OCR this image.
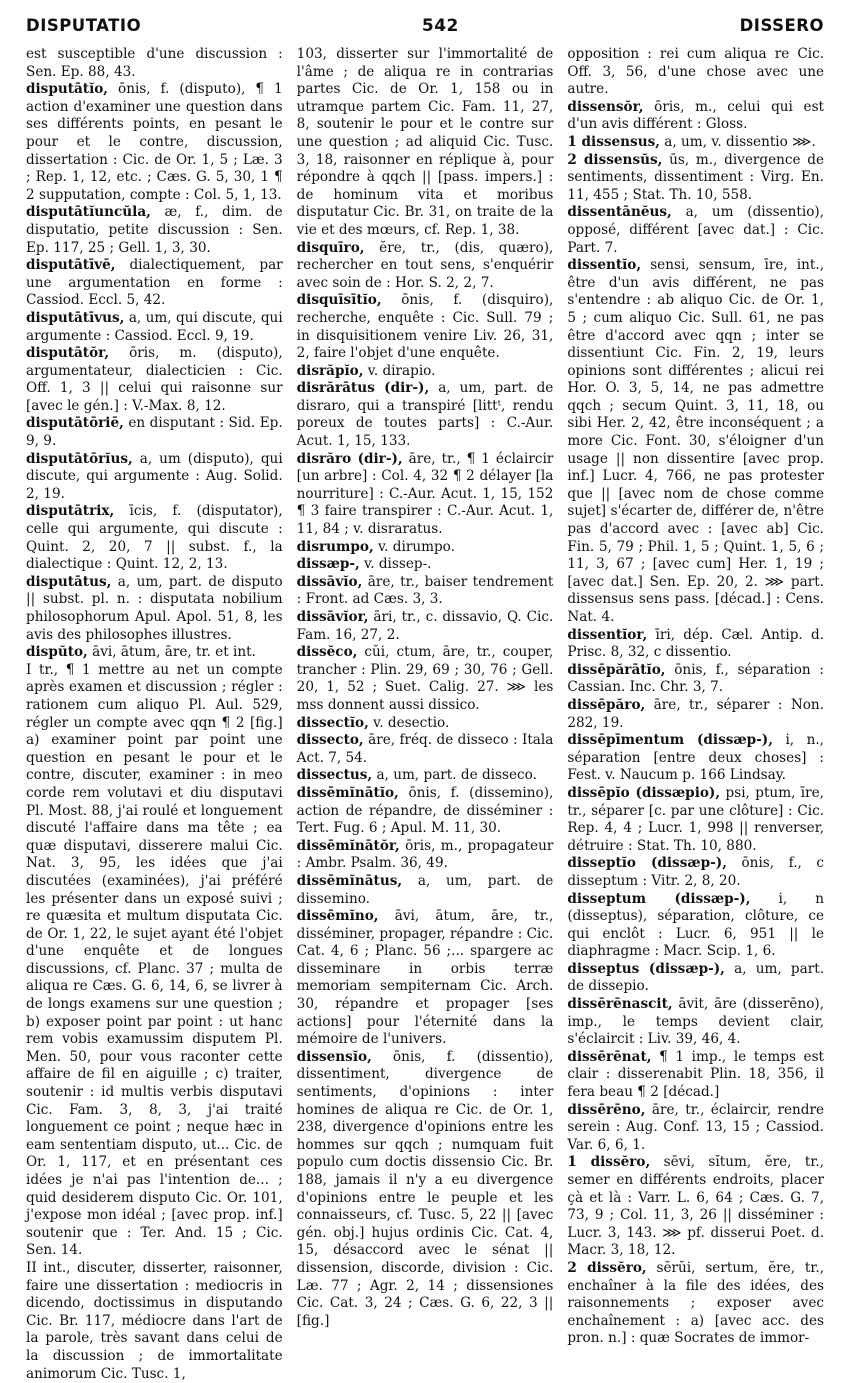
DISPUTATIO	542	DISSERO

est susceptible d'une discussion : Sen. Ep. 88, 43.

disputātĭo, ōnis, f. (disputo), ¶ 1 action d'examiner une question dans ses différents points, en pesant le pour et le contre, discussion, dissertation : Cic. de Or. 1, 5 ; Læ. 3 ; Rep. 1, 12, etc. ; Cæs. G. 5, 30, 1 ¶ 2 supputation, compte : Col. 5, 1, 13.

disputātĭuncŭla, æ, f., dim. de disputatio, petite discussion : Sen. Ep. 117, 25 ; Gell. 1, 3, 30.

disputātīvē, dialectiquement, par une argumentation en forme : Cassiod. Eccl. 5, 42.

disputātīvus, a, um, qui discute, qui argumente : Cassiod. Eccl. 9, 19.

disputātŏr, ōris, m. (disputo), argumentateur, dialecticien : Cic. Off. 1, 3 || celui qui raisonne sur [avec le gén.] : V.-Max. 8, 12.

disputātōriē, en disputant : Sid. Ep. 9, 9.

disputātōrĭus, a, um (disputo), qui discute, qui argumente : Aug. Solid. 2, 19.

disputātrix, īcis, f. (disputator), celle qui argumente, qui discute : Quint. 2, 20, 7 || subst. f., la dialectique : Quint. 12, 2, 13.

disputātus, a, um, part. de disputo || subst. pl. n. : disputata nobilium philosophorum Apul. Apol. 51, 8, les avis des philosophes illustres.

dispŭto, āvi, ātum, āre, tr. et int.

I tr., ¶ 1 mettre au net un compte après examen et discussion ; régler : rationem cum aliquo Pl. Aul. 529, régler un compte avec qqn ¶ 2 [fig.] a) examiner point par point une question en pesant le pour et le contre, discuter, examiner : in meo corde rem volutavi et diu disputavi Pl. Most. 88, j'ai roulé et longuement discuté l'affaire dans ma tête ; ea quæ disputavi, disserere malui Cic. Nat. 3, 95, les idées que j'ai discutées (examinées), j'ai préféré les présenter dans un exposé suivi ; re quæsita et multum disputata Cic. de Or. 1, 22, le sujet ayant été l'objet d'une enquête et de longues discussions, cf. Planc. 37 ; multa de aliqua re Cæs. G. 6, 14, 6, se livrer à de longs examens sur une question ; b) exposer point par point : ut hanc rem vobis examussim disputem Pl. Men. 50, pour vous raconter cette affaire de fil en aiguille ; c) traiter, soutenir : id multis verbis disputavi Cic. Fam. 3, 8, 3, j'ai traité longuement ce point ; neque hæc in eam sententiam disputo, ut... Cic. de Or. 1, 117, et en présentant ces idées je n'ai pas l'intention de... ; quid desiderem disputo Cic. Or. 101, j'expose mon idéal ; [avec prop. inf.] soutenir que : Ter. And. 15 ; Cic. Sen. 14.

II int., discuter, disserter, raisonner, faire une dissertation : mediocris in dicendo, doctissimus in disputando Cic. Br. 117, médiocre dans l'art de la parole, très savant dans celui de la discussion ; de immortalitate animorum Cic. Tusc. 1,

103, disserter sur l'immortalité de l'âme ; de aliqua re in contrarias partes Cic. de Or. 1, 158 ou in utramque partem Cic. Fam. 11, 27, 8, soutenir le pour et le contre sur une question ; ad aliquid Cic. Tusc. 3, 18, raisonner en réplique à, pour répondre à qqch || [pass. impers.] : de hominum vita et moribus disputatur Cic. Br. 31, on traite de la vie et des mœurs, cf. Rep. 1, 38.

disquīro, ĕre, tr., (dis, quæro), rechercher en tout sens, s'enquérir avec soin de : Hor. S. 2, 2, 7.

disquīsītĭo, ōnis, f. (disquiro), recherche, enquête : Cic. Sull. 79 ; in disquisitionem venire Liv. 26, 31, 2, faire l'objet d'une enquête.

disrăpĭo, v. dirapio.

disrărātus (dir-), a, um, part. de disraro, qui a transpiré [littᵗ, rendu poreux de toutes parts] : C.-Aur. Acut. 1, 15, 133.

disrăro (dir-), āre, tr., ¶ 1 éclaircir [un arbre] : Col. 4, 32 ¶ 2 délayer [la nourriture] : C.-Aur. Acut. 1, 15, 152 ¶ 3 faire transpirer : C.-Aur. Acut. 1, 11, 84 ; v. disraratus.

disrumpo, v. dirumpo.

dissæp-, v. dissep-.

dissāvĭo, āre, tr., baiser tendrement : Front. ad Cæs. 3, 3.

dissāvĭor, āri, tr., c. dissavio, Q. Cic. Fam. 16, 27, 2.

dissĕco, cŭi, ctum, āre, tr., couper, trancher : Plin. 29, 69 ; 30, 76 ; Gell. 20, 1, 52 ; Suet. Calig. 27. ⋙ les mss donnent aussi dissico.

dissectĭo, v. desectio.

dissecto, āre, fréq. de disseco : Itala Act. 7, 54.

dissectus, a, um, part. de disseco.

dissēmĭnātĭo, ōnis, f. (dissemino), action de répandre, de disséminer : Tert. Fug. 6 ; Apul. M. 11, 30.

dissēmĭnātŏr, ōris, m., propagateur : Ambr. Psalm. 36, 49.

dissēmĭnātus, a, um, part. de dissemino.

dissēmĭno, āvi, ātum, āre, tr., disséminer, propager, répandre : Cic. Cat. 4, 6 ; Planc. 56 ;... spargere ac disseminare in orbis terræ memoriam sempiternam Cic. Arch. 30, répandre et propager [ses actions] pour l'éternité dans la mémoire de l'univers.

dissensĭo, ōnis, f. (dissentio), dissentiment, divergence de sentiments, d'opinions : inter homines de aliqua re Cic. de Or. 1, 238, divergence d'opinions entre les hommes sur qqch ; numquam fuit populo cum doctis dissensio Cic. Br. 188, jamais il n'y a eu divergence d'opinions entre le peuple et les connaisseurs, cf. Tusc. 5, 22 || [avec gén. obj.] hujus ordinis Cic. Cat. 4, 15, désaccord avec le sénat || dissension, discorde, division : Cic. Læ. 77 ; Agr. 2, 14 ; dissensiones Cic. Cat. 3, 24 ; Cæs. G. 6, 22, 3 || [fig.]

opposition : rei cum aliqua re Cic. Off. 3, 56, d'une chose avec une autre.

dissensŏr, ōris, m., celui qui est d'un avis différent : Gloss.

1 dissensus, a, um, v. dissentio ⋙.

2 dissensŭs, ūs, m., divergence de sentiments, dissentiment : Virg. En. 11, 455 ; Stat. Th. 10, 558.

dissentānĕus, a, um (dissentio), opposé, différent [avec dat.] : Cic. Part. 7.

dissentĭo, sensi, sensum, īre, int., être d'un avis différent, ne pas s'entendre : ab aliquo Cic. de Or. 1, 5 ; cum aliquo Cic. Sull. 61, ne pas être d'accord avec qqn ; inter se dissentiunt Cic. Fin. 2, 19, leurs opinions sont différentes ; alicui rei Hor. O. 3, 5, 14, ne pas admettre qqch ; secum Quint. 3, 11, 18, ou sibi Her. 2, 42, être inconséquent ; a more Cic. Font. 30, s'éloigner d'un usage || non dissentire [avec prop. inf.] Lucr. 4, 766, ne pas protester que || [avec nom de chose comme sujet] s'écarter de, différer de, n'être pas d'accord avec : [avec ab] Cic. Fin. 5, 79 ; Phil. 1, 5 ; Quint. 1, 5, 6 ; 11, 3, 67 ; [avec cum] Her. 1, 19 ; [avec dat.] Sen. Ep. 20, 2. ⋙ part. dissensus sens pass. [décad.] : Cens. Nat. 4.

dissentĭor, īri, dép. Cæl. Antip. d. Prisc. 8, 32, c dissentio.

dissēpărātĭo, ōnis, f., séparation : Cassian. Inc. Chr. 3, 7.

dissēpăro, āre, tr., séparer : Non. 282, 19.

dissēpīmentum (dissæp-), i, n., séparation [entre deux choses] : Fest. v. Naucum p. 166 Lindsay.

dissēpĭo (dissæpio), psi, ptum, īre, tr., séparer [c. par une clôture] : Cic. Rep. 4, 4 ; Lucr. 1, 998 || renverser, détruire : Stat. Th. 10, 880.

disseptĭo (dissæp-), ōnis, f., c disseptum : Vitr. 2, 8, 20.

disseptum (dissæp-), i, n (disseptus), séparation, clôture, ce qui enclôt : Lucr. 6, 951 || le diaphragme : Macr. Scip. 1, 6.

disseptus (dissæp-), a, um, part. de dissepio.

dissērēnascit, āvit, āre (disserēno), imp., le temps devient clair, s'éclaircit : Liv. 39, 46, 4.

dissērēnat, ¶ 1 imp., le temps est clair : disserenabit Plin. 18, 356, il fera beau ¶ 2 [décad.]

dissērēno, āre, tr., éclaircir, rendre serein : Aug. Conf. 13, 15 ; Cassiod. Var. 6, 6, 1.

1 dissĕro, sēvi, sĭtum, ĕre, tr., semer en différents endroits, placer çà et là : Varr. L. 6, 64 ; Cæs. G. 7, 73, 9 ; Col. 11, 3, 26 || disséminer : Lucr. 3, 143. ⋙ pf. disserui Poet. d. Macr. 3, 18, 12.

2 dissĕro, sĕrŭi, sertum, ĕre, tr., enchaîner à la file des idées, des raisonnements ; exposer avec enchaînement : a) [avec acc. des pron. n.] : quæ Socrates de immor-
